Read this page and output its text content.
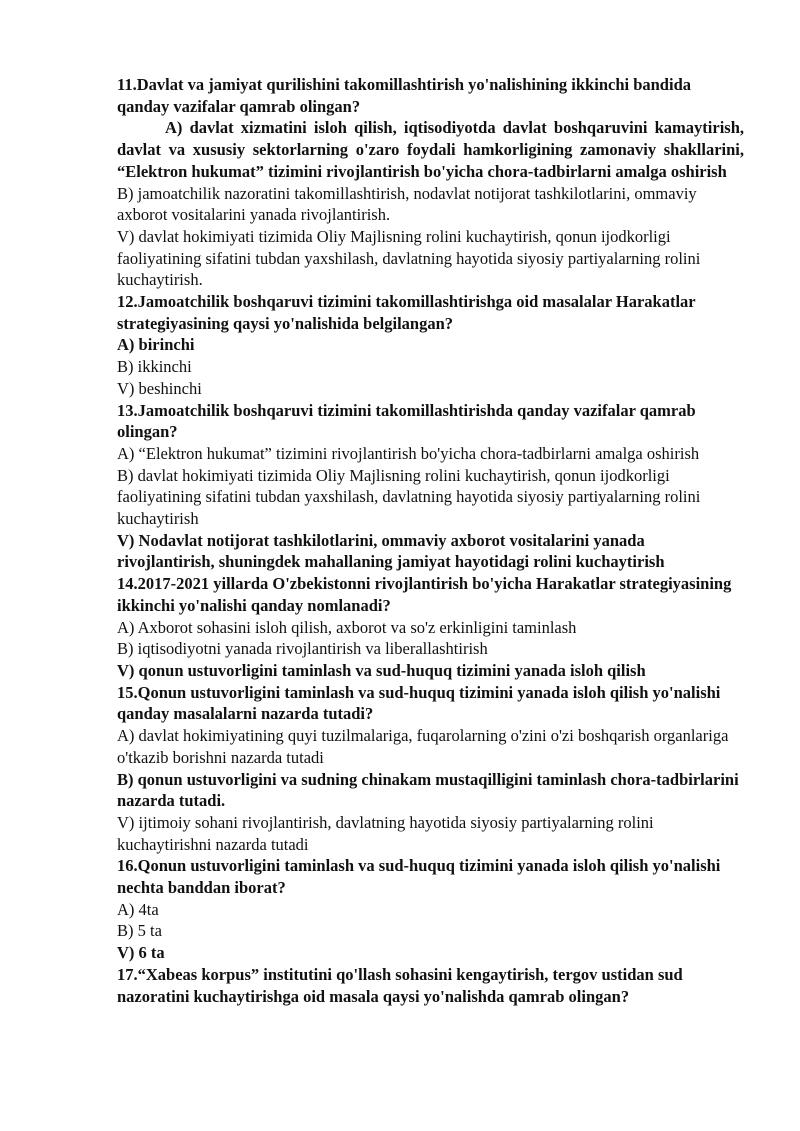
11.Davlat va jamiyat qurilishini takomillashtirish yo'nalishining ikkinchi bandida qanday vazifalar qamrab olingan?

A) davlat xizmatini isloh qilish, iqtisodiyotda davlat boshqaruvini kamaytirish, davlat va xususiy sektorlarning o'zaro foydali hamkorligining zamonaviy shakllarini, “Elektron hukumat” tizimini rivojlantirish bo'yicha chora-tadbirlarni amalga oshirish

B) jamoatchilik nazoratini takomillashtirish, nodavlat notijorat tashkilotlarini, ommaviy axborot vositalarini yanada rivojlantirish.

V) davlat hokimiyati tizimida Oliy Majlisning rolini kuchaytirish, qonun ijodkorligi faoliyatining sifatini tubdan yaxshilash, davlatning hayotida siyosiy partiyalarning rolini kuchaytirish.

12.Jamoatchilik boshqaruvi tizimini takomillashtirishga oid masalalar Harakatlar strategiyasining qaysi yo'nalishida belgilangan?

A) birinchi

B) ikkinchi

V) beshinchi

13.Jamoatchilik boshqaruvi tizimini takomillashtirishda qanday vazifalar qamrab olingan?

A) “Elektron hukumat” tizimini rivojlantirish bo'yicha chora-tadbirlarni amalga oshirish

B) davlat hokimiyati tizimida Oliy Majlisning rolini kuchaytirish, qonun ijodkorligi faoliyatining sifatini tubdan yaxshilash, davlatning hayotida siyosiy partiyalarning rolini kuchaytirish

V) Nodavlat notijorat tashkilotlarini, ommaviy axborot vositalarini yanada rivojlantirish, shuningdek mahallaning jamiyat hayotidagi rolini kuchaytirish

14.2017-2021 yillarda O'zbekistonni rivojlantirish bo'yicha Harakatlar strategiyasining ikkinchi yo'nalishi qanday nomlanadi?

A) Axborot sohasini isloh qilish, axborot va so'z erkinligini taminlash

B) iqtisodiyotni yanada rivojlantirish va liberallashtirish

V) qonun ustuvorligini taminlash va sud-huquq tizimini yanada isloh qilish

15.Qonun ustuvorligini taminlash va sud-huquq tizimini yanada isloh qilish yo'nalishi qanday masalalarni nazarda tutadi?

A) davlat hokimiyatining quyi tuzilmalariga, fuqarolarning o'zini o'zi boshqarish organlariga o'tkazib borishni nazarda tutadi

B) qonun ustuvorligini va sudning chinakam mustaqilligini taminlash chora-tadbirlarini nazarda tutadi.

V) ijtimoiy sohani rivojlantirish, davlatning hayotida siyosiy partiyalarning rolini kuchaytirishni nazarda tutadi

16.Qonun ustuvorligini taminlash va sud-huquq tizimini yanada isloh qilish yo'nalishi nechta banddan iborat?

A) 4ta

B) 5 ta

V) 6 ta

17.“Xabeas korpus” institutini qo'llash sohasini kengaytirish, tergov ustidan sud nazoratini kuchaytirishga oid masala qaysi yo'nalishda qamrab olingan?
